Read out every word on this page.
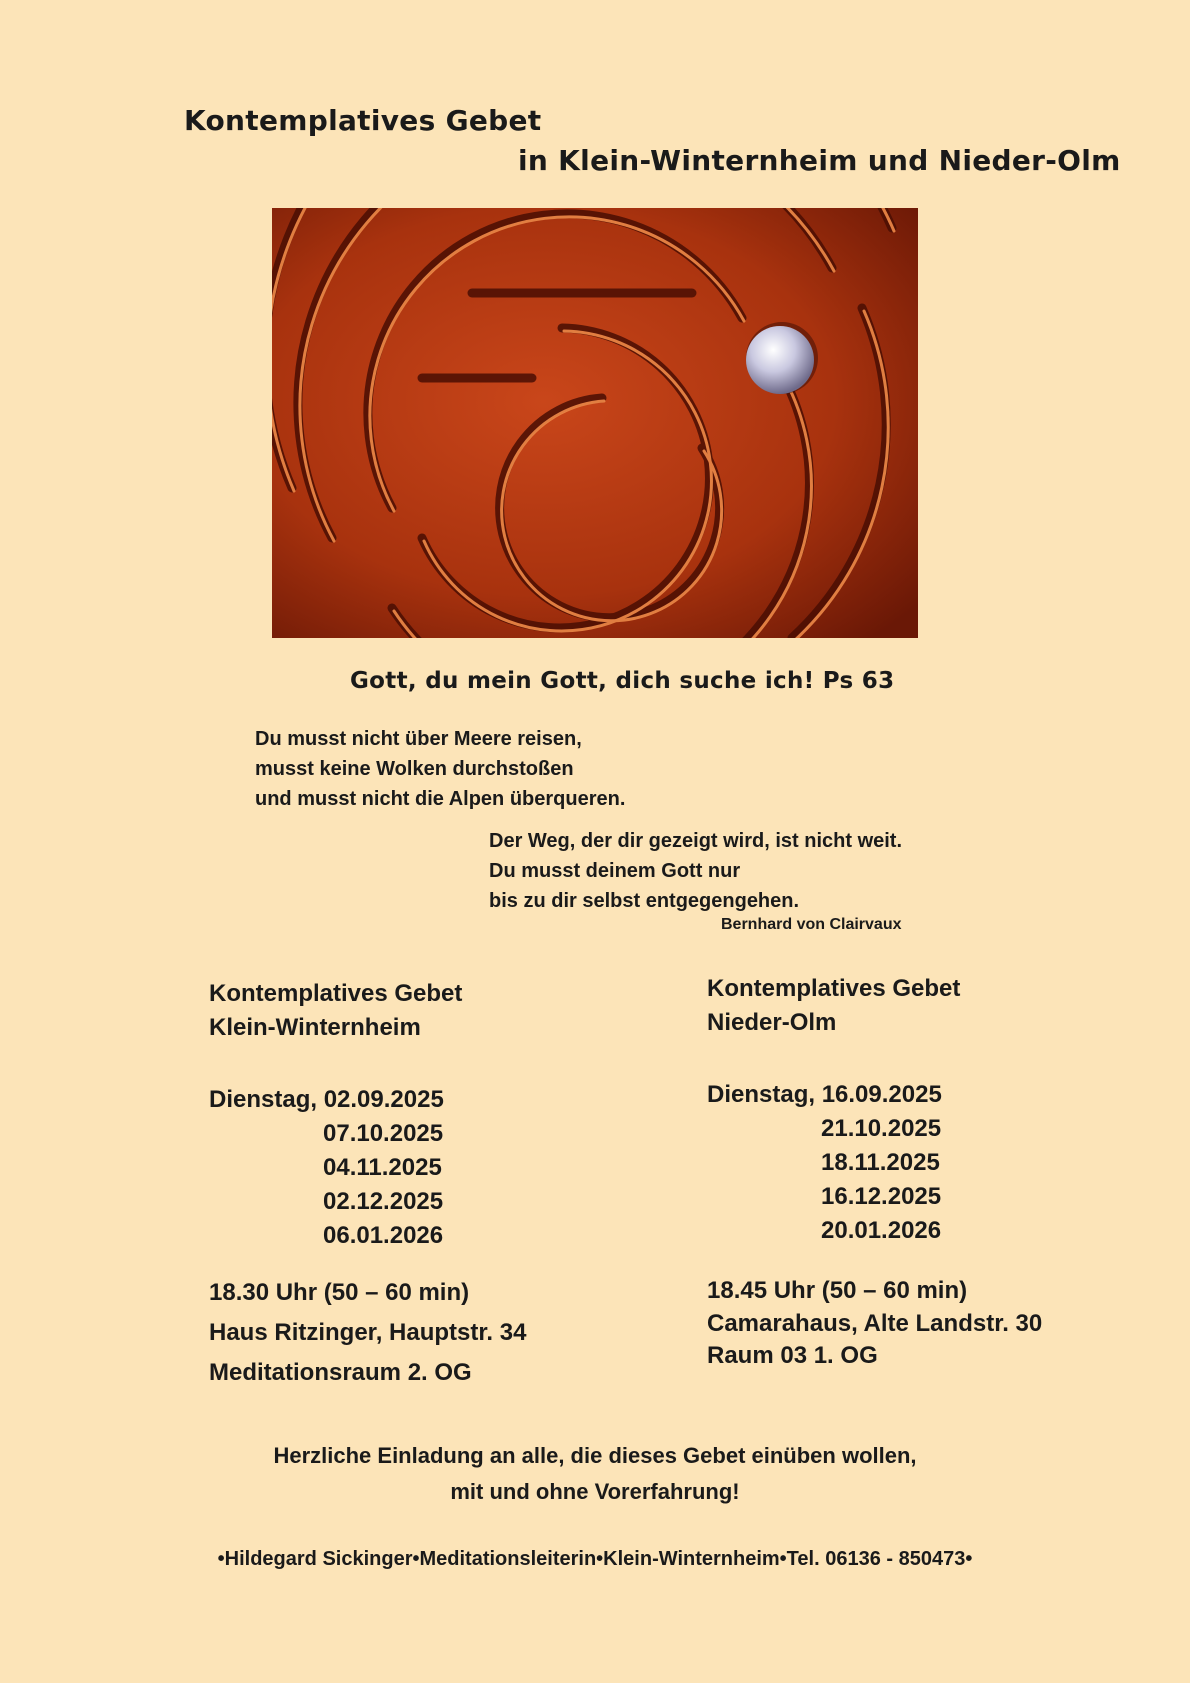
Kontemplatives Gebet
in Klein-Winternheim und Nieder-Olm
Gott, du mein Gott, dich suche ich! Ps 63
Du musst nicht über Meere reisen,
musst keine Wolken durchstoßen
und musst nicht die Alpen überqueren.
Der Weg, der dir gezeigt wird, ist nicht weit.
Du musst deinem Gott nur
bis zu dir selbst entgegengehen.
Bernhard von Clairvaux
Kontemplatives Gebet
Klein-Winternheim
Dienstag, 02.09.2025
07.10.2025
04.11.2025
02.12.2025
06.01.2026
18.30 Uhr (50 – 60 min)
Haus Ritzinger, Hauptstr. 34
Meditationsraum 2. OG
Kontemplatives Gebet
Nieder-Olm
Dienstag, 16.09.2025
21.10.2025
18.11.2025
16.12.2025
20.01.2026
18.45 Uhr (50 – 60 min)
Camarahaus, Alte Landstr. 30
Raum 03 1. OG
Herzliche Einladung an alle, die dieses Gebet einüben wollen,
mit und ohne Vorerfahrung!
•Hildegard Sickinger•Meditationsleiterin•Klein-Winternheim•Tel. 06136 - 850473•
